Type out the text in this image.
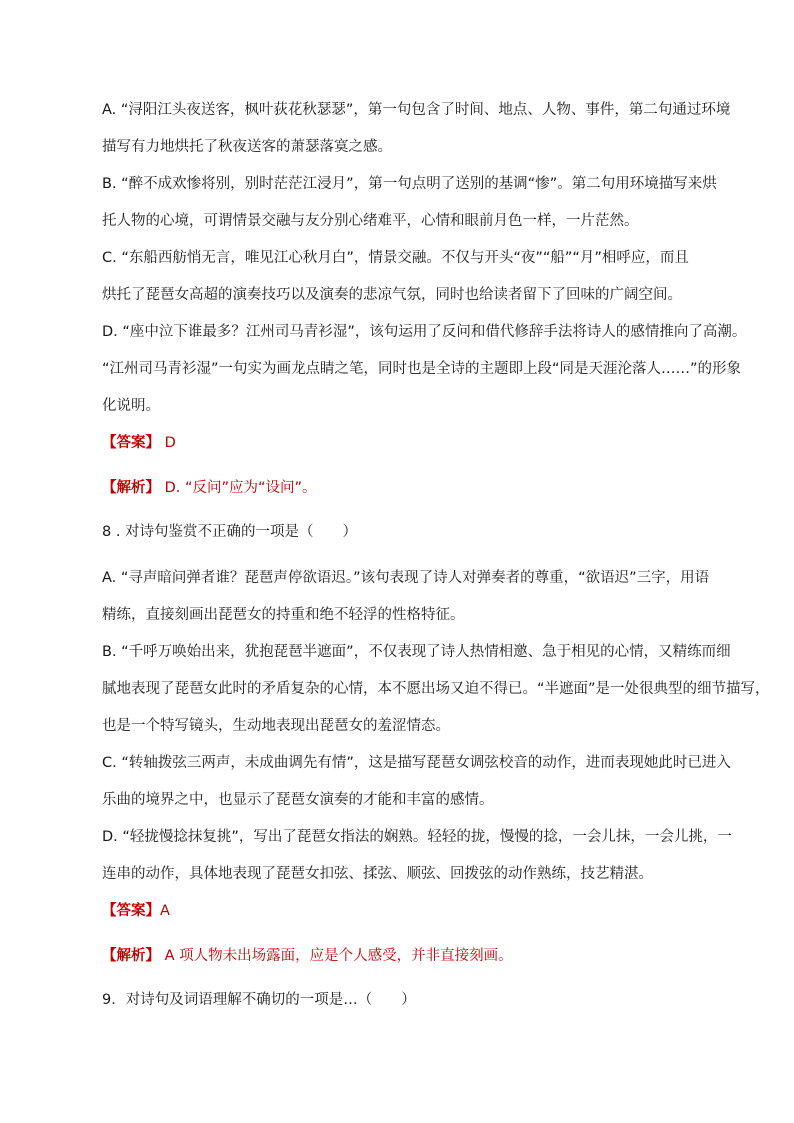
A. “浔阳江头夜送客，枫叶荻花秋瑟瑟”，第一句包含了时间、地点、人物、事件，第二句通过环境
描写有力地烘托了秋夜送客的萧瑟落寞之感。

B. “醉不成欢惨将别，别时茫茫江浸月”，第一句点明了送别的基调“惨”。第二句用环境描写来烘
托人物的心境，可谓情景交融与友分别心绪难平，心情和眼前月色一样，一片茫然。

C. “东船西舫悄无言，唯见江心秋月白”，情景交融。不仅与开头“夜”“船”“月”相呼应，而且
烘托了琵琶女高超的演奏技巧以及演奏的悲凉气氛，同时也给读者留下了回味的广阔空间。

D. “座中泣下谁最多？江州司马青衫湿”，该句运用了反问和借代修辞手法将诗人的感情推向了高潮。
“江州司马青衫湿”一句实为画龙点睛之笔，同时也是全诗的主题即上段“同是天涯沦落人……”的形象
化说明。

【答案】 D

【解析】 D. “反问”应为“设问”。

8 . 对诗句鉴赏不正确的一项是（　　）

A. “寻声暗问弹者谁？琵琶声停欲语迟。”该句表现了诗人对弹奏者的尊重，“欲语迟”三字，用语
精练，直接刻画出琵琶女的持重和绝不轻浮的性格特征。

B. “千呼万唤始出来，犹抱琵琶半遮面”，不仅表现了诗人热情相邀、急于相见的心情，又精练而细
腻地表现了琵琶女此时的矛盾复杂的心情，本不愿出场又迫不得已。“半遮面”是一处很典型的细节描写，
也是一个特写镜头，生动地表现出琵琶女的羞涩情态。

C. “转轴拨弦三两声，未成曲调先有情”，这是描写琵琶女调弦校音的动作，进而表现她此时已进入
乐曲的境界之中，也显示了琵琶女演奏的才能和丰富的感情。

D. “轻拢慢捻抹复挑”，写出了琵琶女指法的娴熟。轻轻的拢，慢慢的捻，一会儿抹，一会儿挑，一
连串的动作，具体地表现了琵琶女扣弦、揉弦、顺弦、回拨弦的动作熟练，技艺精湛。

【答案】A

【解析】 A 项人物未出场露面，应是个人感受，并非直接刻画。

9．对诗句及词语理解不确切的一项是…（　　）
